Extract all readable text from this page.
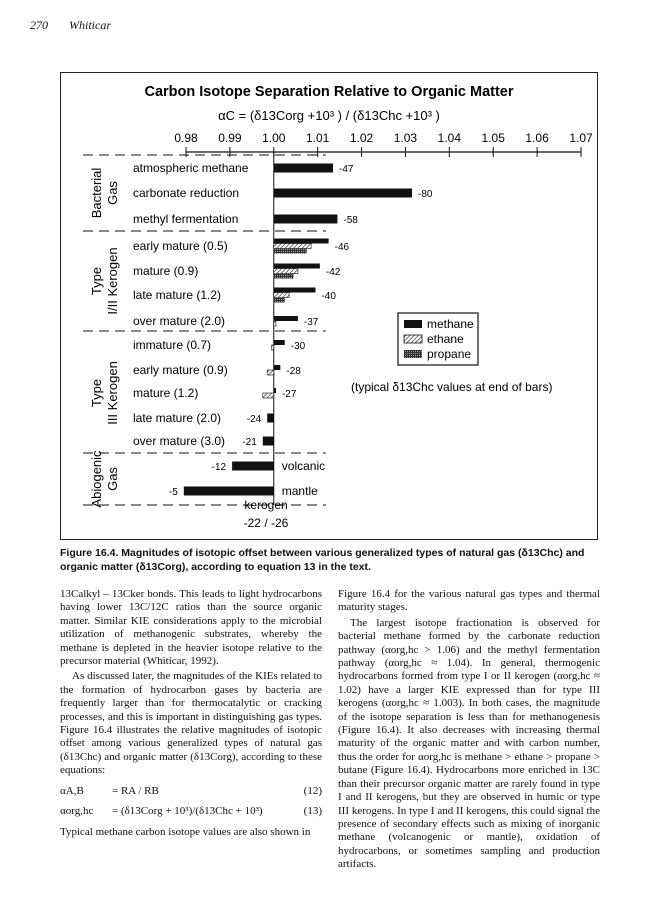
270 Whiticar
Carbon Isotope Separation Relative to Organic Matter
αC = (δ13Corg +10³ ) / (δ13Chc +10³ )
0.98 0.99 1.00 1.01 1.02 1.03 1.04 1.05 1.06 1.07
Bacterial Gas
Type I/II Kerogen
Type III Kerogen
Abiogenic Gas
atmospheric methane
carbonate reduction
methyl fermentation
early mature (0.5)
mature (0.9)
late mature (1.2)
over mature (2.0)
immature (0.7)
early mature (0.9)
mature (1.2)
late mature (2.0)
over mature (3.0)
volcanic
mantle
-47
-80
-58
-46
-42
-40
-37
-30
-28
-27
-24
-21
-12
-5
methane
ethane
propane
(typical δ13Chc values at end of bars)
kerogen
-22 / -26
Figure 16.4. Magnitudes of isotopic offset between various generalized types of natural gas (δ13Chc) and organic matter (δ13Corg), according to equation 13 in the text.

13Calkyl – 13Cker bonds. This leads to light hydrocarbons having lower 13C/12C ratios than the source organic matter. Similar KIE considerations apply to the microbial utilization of methanogenic substrates, whereby the methane is depleted in the heavier isotope relative to the precursor material (Whiticar, 1992).

As discussed later, the magnitudes of the KIEs related to the formation of hydrocarbon gases by bacteria are frequently larger than for thermocatalytic or cracking processes, and this is important in distinguishing gas types. Figure 16.4 illustrates the relative magnitudes of isotopic offset among various generalized types of natural gas (δ13Chc) and organic matter (δ13Corg), according to these equations:

αA,B	= RA / RB	(12)
αorg,hc	= (δ13Corg + 10³)/(δ13Chc + 10³)	(13)

Typical methane carbon isotope values are also shown in

Figure 16.4 for the various natural gas types and thermal maturity stages.

The largest isotope fractionation is observed for bacterial methane formed by the carbonate reduction pathway (αorg,hc > 1.06) and the methyl fermentation pathway (αorg,hc ≈ 1.04). In general, thermogenic hydrocarbons formed from type I or II kerogen (αorg,hc ≈ 1.02) have a larger KIE expressed than for type III kerogens (αorg,hc ≈ 1.003). In both cases, the magnitude of the isotope separation is less than for methanogenesis (Figure 16.4). It also decreases with increasing thermal maturity of the organic matter and with carbon number, thus the order for αorg,hc is methane > ethane > propane > butane (Figure 16.4). Hydrocarbons more enriched in 13C than their precursor organic matter are rarely found in type I and II kerogens, but they are observed in humic or type III kerogens. In type I and II kerogens, this could signal the presence of secondary effects such as mixing of inorganic methane (volcanogenic or mantle), oxidation of hydrocarbons, or sometimes sampling and production artifacts.
